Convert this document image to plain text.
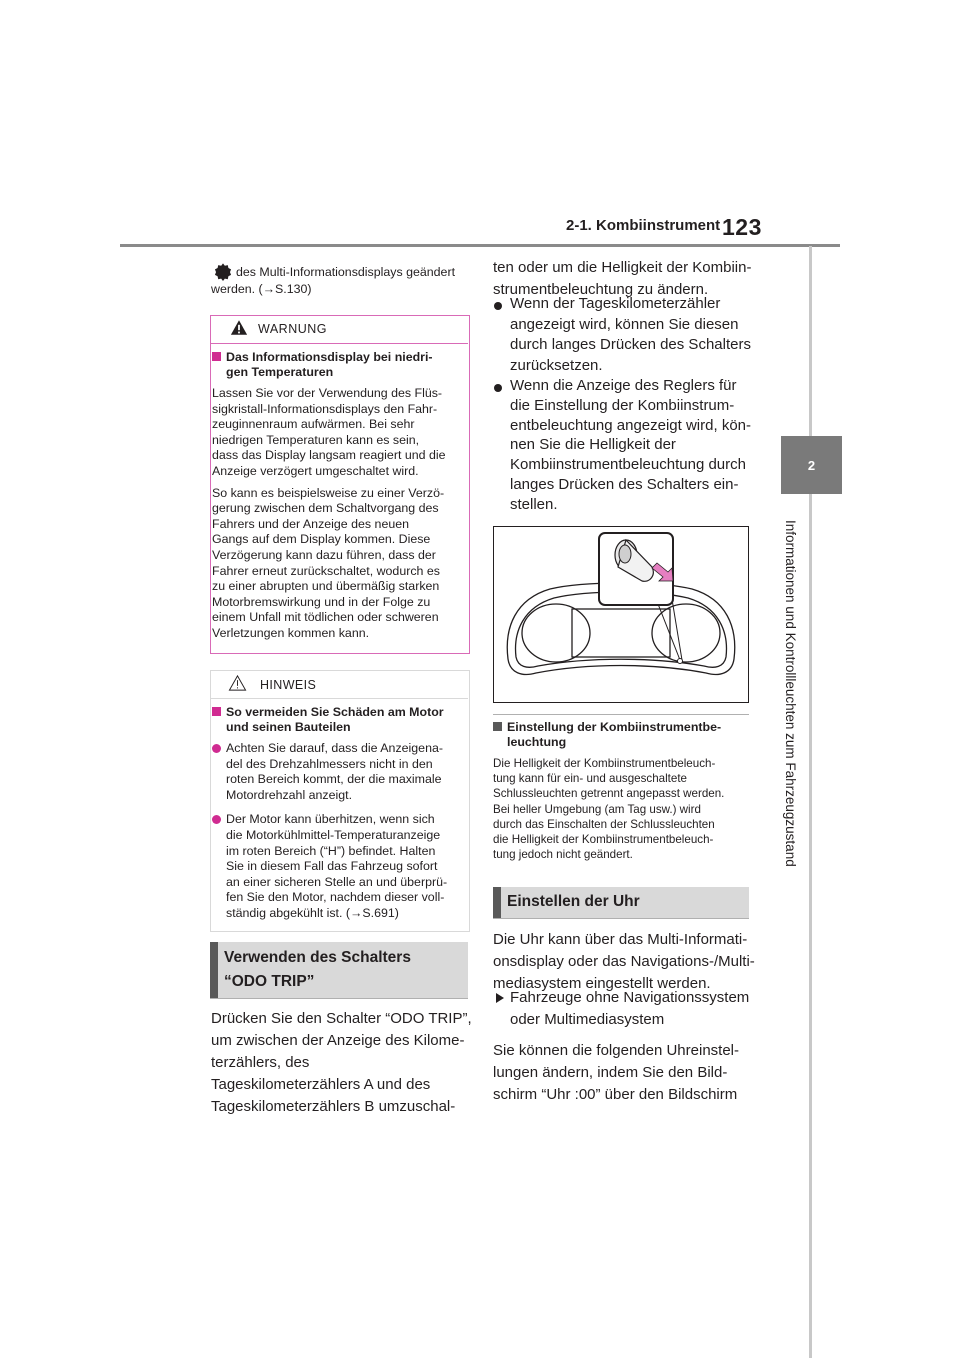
2-1. Kombiinstrument 123
2
Informationen und Kontrollleuchten zum Fahrzeugzustand
des Multi-Informationsdisplays geändert
werden. (→S.130)
WARNUNG
Das Informationsdisplay bei niedri-
gen Temperaturen
Lassen Sie vor der Verwendung des Flüs-
sigkristall-Informationsdisplays den Fahr-
zeuginnenraum aufwärmen. Bei sehr
niedrigen Temperaturen kann es sein,
dass das Display langsam reagiert und die
Anzeige verzögert umgeschaltet wird.
So kann es beispielsweise zu einer Verzö-
gerung zwischen dem Schaltvorgang des
Fahrers und der Anzeige des neuen
Gangs auf dem Display kommen. Diese
Verzögerung kann dazu führen, dass der
Fahrer erneut zurückschaltet, wodurch es
zu einer abrupten und übermäßig starken
Motorbremswirkung und in der Folge zu
einem Unfall mit tödlichen oder schweren
Verletzungen kommen kann.
HINWEIS
So vermeiden Sie Schäden am Motor
und seinen Bauteilen
Achten Sie darauf, dass die Anzeigena-
del des Drehzahlmessers nicht in den
roten Bereich kommt, der die maximale
Motordrehzahl anzeigt.
Der Motor kann überhitzen, wenn sich
die Motorkühlmittel-Temperaturanzeige
im roten Bereich (“H”) befindet. Halten
Sie in diesem Fall das Fahrzeug sofort
an einer sicheren Stelle an und überprü-
fen Sie den Motor, nachdem dieser voll-
ständig abgekühlt ist. (→S.691)
Verwenden des Schalters
“ODO TRIP”
Drücken Sie den Schalter “ODO TRIP”,
um zwischen der Anzeige des Kilome-
terzählers, des
Tageskilometerzählers A und des
Tageskilometerzählers B umzuschal-
ten oder um die Helligkeit der Kombiin-
strumentbeleuchtung zu ändern.
Wenn der Tageskilometerzähler
angezeigt wird, können Sie diesen
durch langes Drücken des Schalters
zurücksetzen.
Wenn die Anzeige des Reglers für
die Einstellung der Kombiinstrum-
entbeleuchtung angezeigt wird, kön-
nen Sie die Helligkeit der
Kombiinstrumentbeleuchtung durch
langes Drücken des Schalters ein-
stellen.
Einstellung der Kombiinstrumentbe-
leuchtung
Die Helligkeit der Kombiinstrumentbeleuch-
tung kann für ein- und ausgeschaltete
Schlussleuchten getrennt angepasst werden.
Bei heller Umgebung (am Tag usw.) wird
durch das Einschalten der Schlussleuchten
die Helligkeit der Kombiinstrumentbeleuch-
tung jedoch nicht geändert.
Einstellen der Uhr
Die Uhr kann über das Multi-Informati-
onsdisplay oder das Navigations-/Multi-
mediasystem eingestellt werden.
Fahrzeuge ohne Navigationssystem
oder Multimediasystem
Sie können die folgenden Uhreinstel-
lungen ändern, indem Sie den Bild-
schirm “Uhr :00” über den Bildschirm
